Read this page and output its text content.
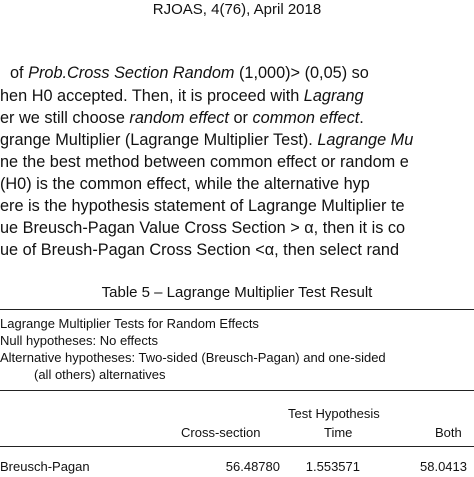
RJOAS, 4(76), April 2018
of Prob.Cross Section Random (1,000)> (0,05) so
hen H0 accepted. Then, it is proceed with Lagrang
er we still choose random effect or common effect.
grange Multiplier (Lagrange Multiplier Test). Lagrange Mu
ne the best method between common effect or random e
(H0) is the common effect, while the alternative hyp
ere is the hypothesis statement of Lagrange Multiplier te
ue Breusch-Pagan Value Cross Section > α, then it is co
ue of Breush-Pagan Cross Section <α, then select rand
Table 5 – Lagrange Multiplier Test Result
Lagrange Multiplier Tests for Random Effects
Null hypotheses: No effects
Alternative hypotheses: Two-sided (Breusch-Pagan) and one-sided
(all others) alternatives
Test Hypothesis
Cross-section	Time	Both
Breusch-Pagan	56.48780	1.553571	58.0413
